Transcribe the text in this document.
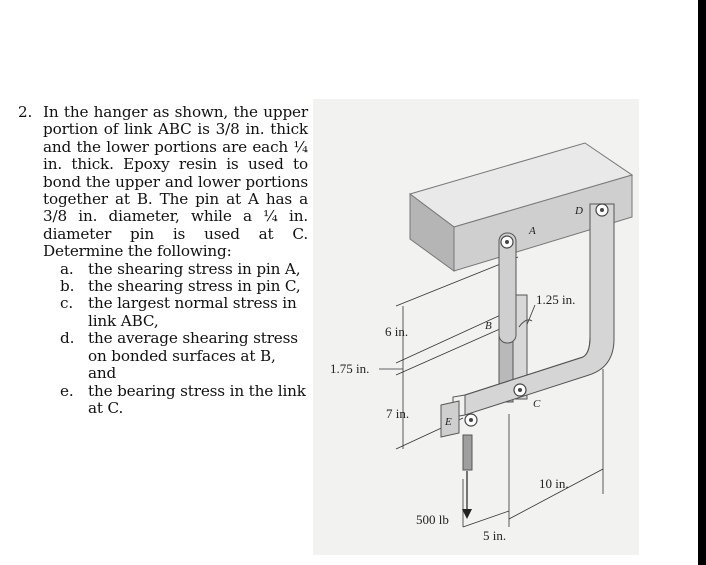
2. In the hanger as shown, the upper portion of link ABC is 3/8 in. thick and the lower portions are each ¼ in. thick. Epoxy resin is used to bond the upper and lower portions together at B. The pin at A has a 3/8 in. diameter, while a ¼ in. diameter pin is used at C. Determine the following:
a. the shearing stress in pin A,
b. the shearing stress in pin C,
c. the largest normal stress in link ABC,
d. the average shearing stress on bonded surfaces at B, and
e. the bearing stress in the link at C.
D
A
B
C
E
1.25 in.
6 in.
1.75 in.
7 in.
10 in.
5 in.
500 lb
